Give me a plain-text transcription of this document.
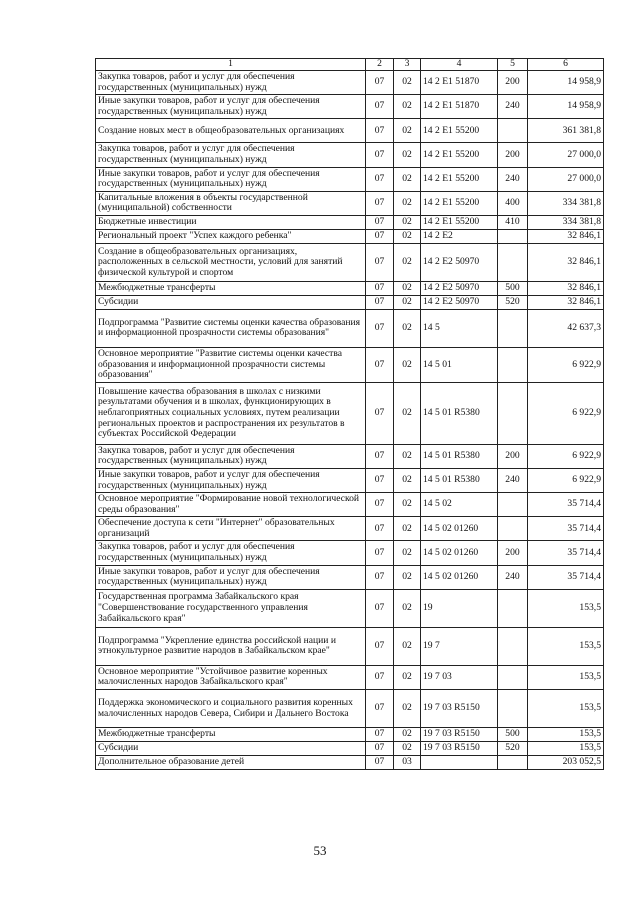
1	2	3	4	5	6
Закупка товаров, работ и услуг для обеспечения государственных (муниципальных) нужд	07	02	14 2 E1 51870	200	14 958,9
Иные закупки товаров, работ и услуг для обеспечения государственных (муниципальных) нужд	07	02	14 2 E1 51870	240	14 958,9
Создание новых мест в общеобразовательных организациях	07	02	14 2 E1 55200		361 381,8
Закупка товаров, работ и услуг для обеспечения государственных (муниципальных) нужд	07	02	14 2 E1 55200	200	27 000,0
Иные закупки товаров, работ и услуг для обеспечения государственных (муниципальных) нужд	07	02	14 2 E1 55200	240	27 000,0
Капитальные вложения в объекты государственной (муниципальной) собственности	07	02	14 2 E1 55200	400	334 381,8
Бюджетные инвестиции	07	02	14 2 E1 55200	410	334 381,8
Региональный проект "Успех каждого ребенка"	07	02	14 2 E2		32 846,1
Создание в общеобразовательных организациях, расположенных в сельской местности, условий для занятий физической культурой и спортом	07	02	14 2 E2 50970		32 846,1
Межбюджетные трансферты	07	02	14 2 E2 50970	500	32 846,1
Субсидии	07	02	14 2 E2 50970	520	32 846,1
Подпрограмма "Развитие системы оценки качества образования и информационной прозрачности системы образования"	07	02	14 5		42 637,3
Основное мероприятие "Развитие системы оценки качества образования и информационной прозрачности системы образования"	07	02	14 5 01		6 922,9
Повышение качества образования в школах с низкими результатами обучения и в школах, функционирующих в неблагоприятных социальных условиях, путем реализации региональных проектов и распространения их результатов в субъектах Российской Федерации	07	02	14 5 01 R5380		6 922,9
Закупка товаров, работ и услуг для обеспечения государственных (муниципальных) нужд	07	02	14 5 01 R5380	200	6 922,9
Иные закупки товаров, работ и услуг для обеспечения государственных (муниципальных) нужд	07	02	14 5 01 R5380	240	6 922,9
Основное мероприятие "Формирование новой технологической среды образования"	07	02	14 5 02		35 714,4
Обеспечение доступа к сети "Интернет" образовательных организаций	07	02	14 5 02 01260		35 714,4
Закупка товаров, работ и услуг для обеспечения государственных (муниципальных) нужд	07	02	14 5 02 01260	200	35 714,4
Иные закупки товаров, работ и услуг для обеспечения государственных (муниципальных) нужд	07	02	14 5 02 01260	240	35 714,4
Государственная программа Забайкальского края "Совершенствование государственного управления Забайкальского края"	07	02	19		153,5
Подпрограмма "Укрепление единства российской нации и этнокультурное развитие народов в Забайкальском крае"	07	02	19 7		153,5
Основное мероприятие "Устойчивое развитие коренных малочисленных народов Забайкальского края"	07	02	19 7 03		153,5
Поддержка экономического и социального развития коренных малочисленных народов Севера, Сибири и Дальнего Востока	07	02	19 7 03 R5150		153,5
Межбюджетные трансферты	07	02	19 7 03 R5150	500	153,5
Субсидии	07	02	19 7 03 R5150	520	153,5
Дополнительное образование детей	07	03			203 052,5
53
